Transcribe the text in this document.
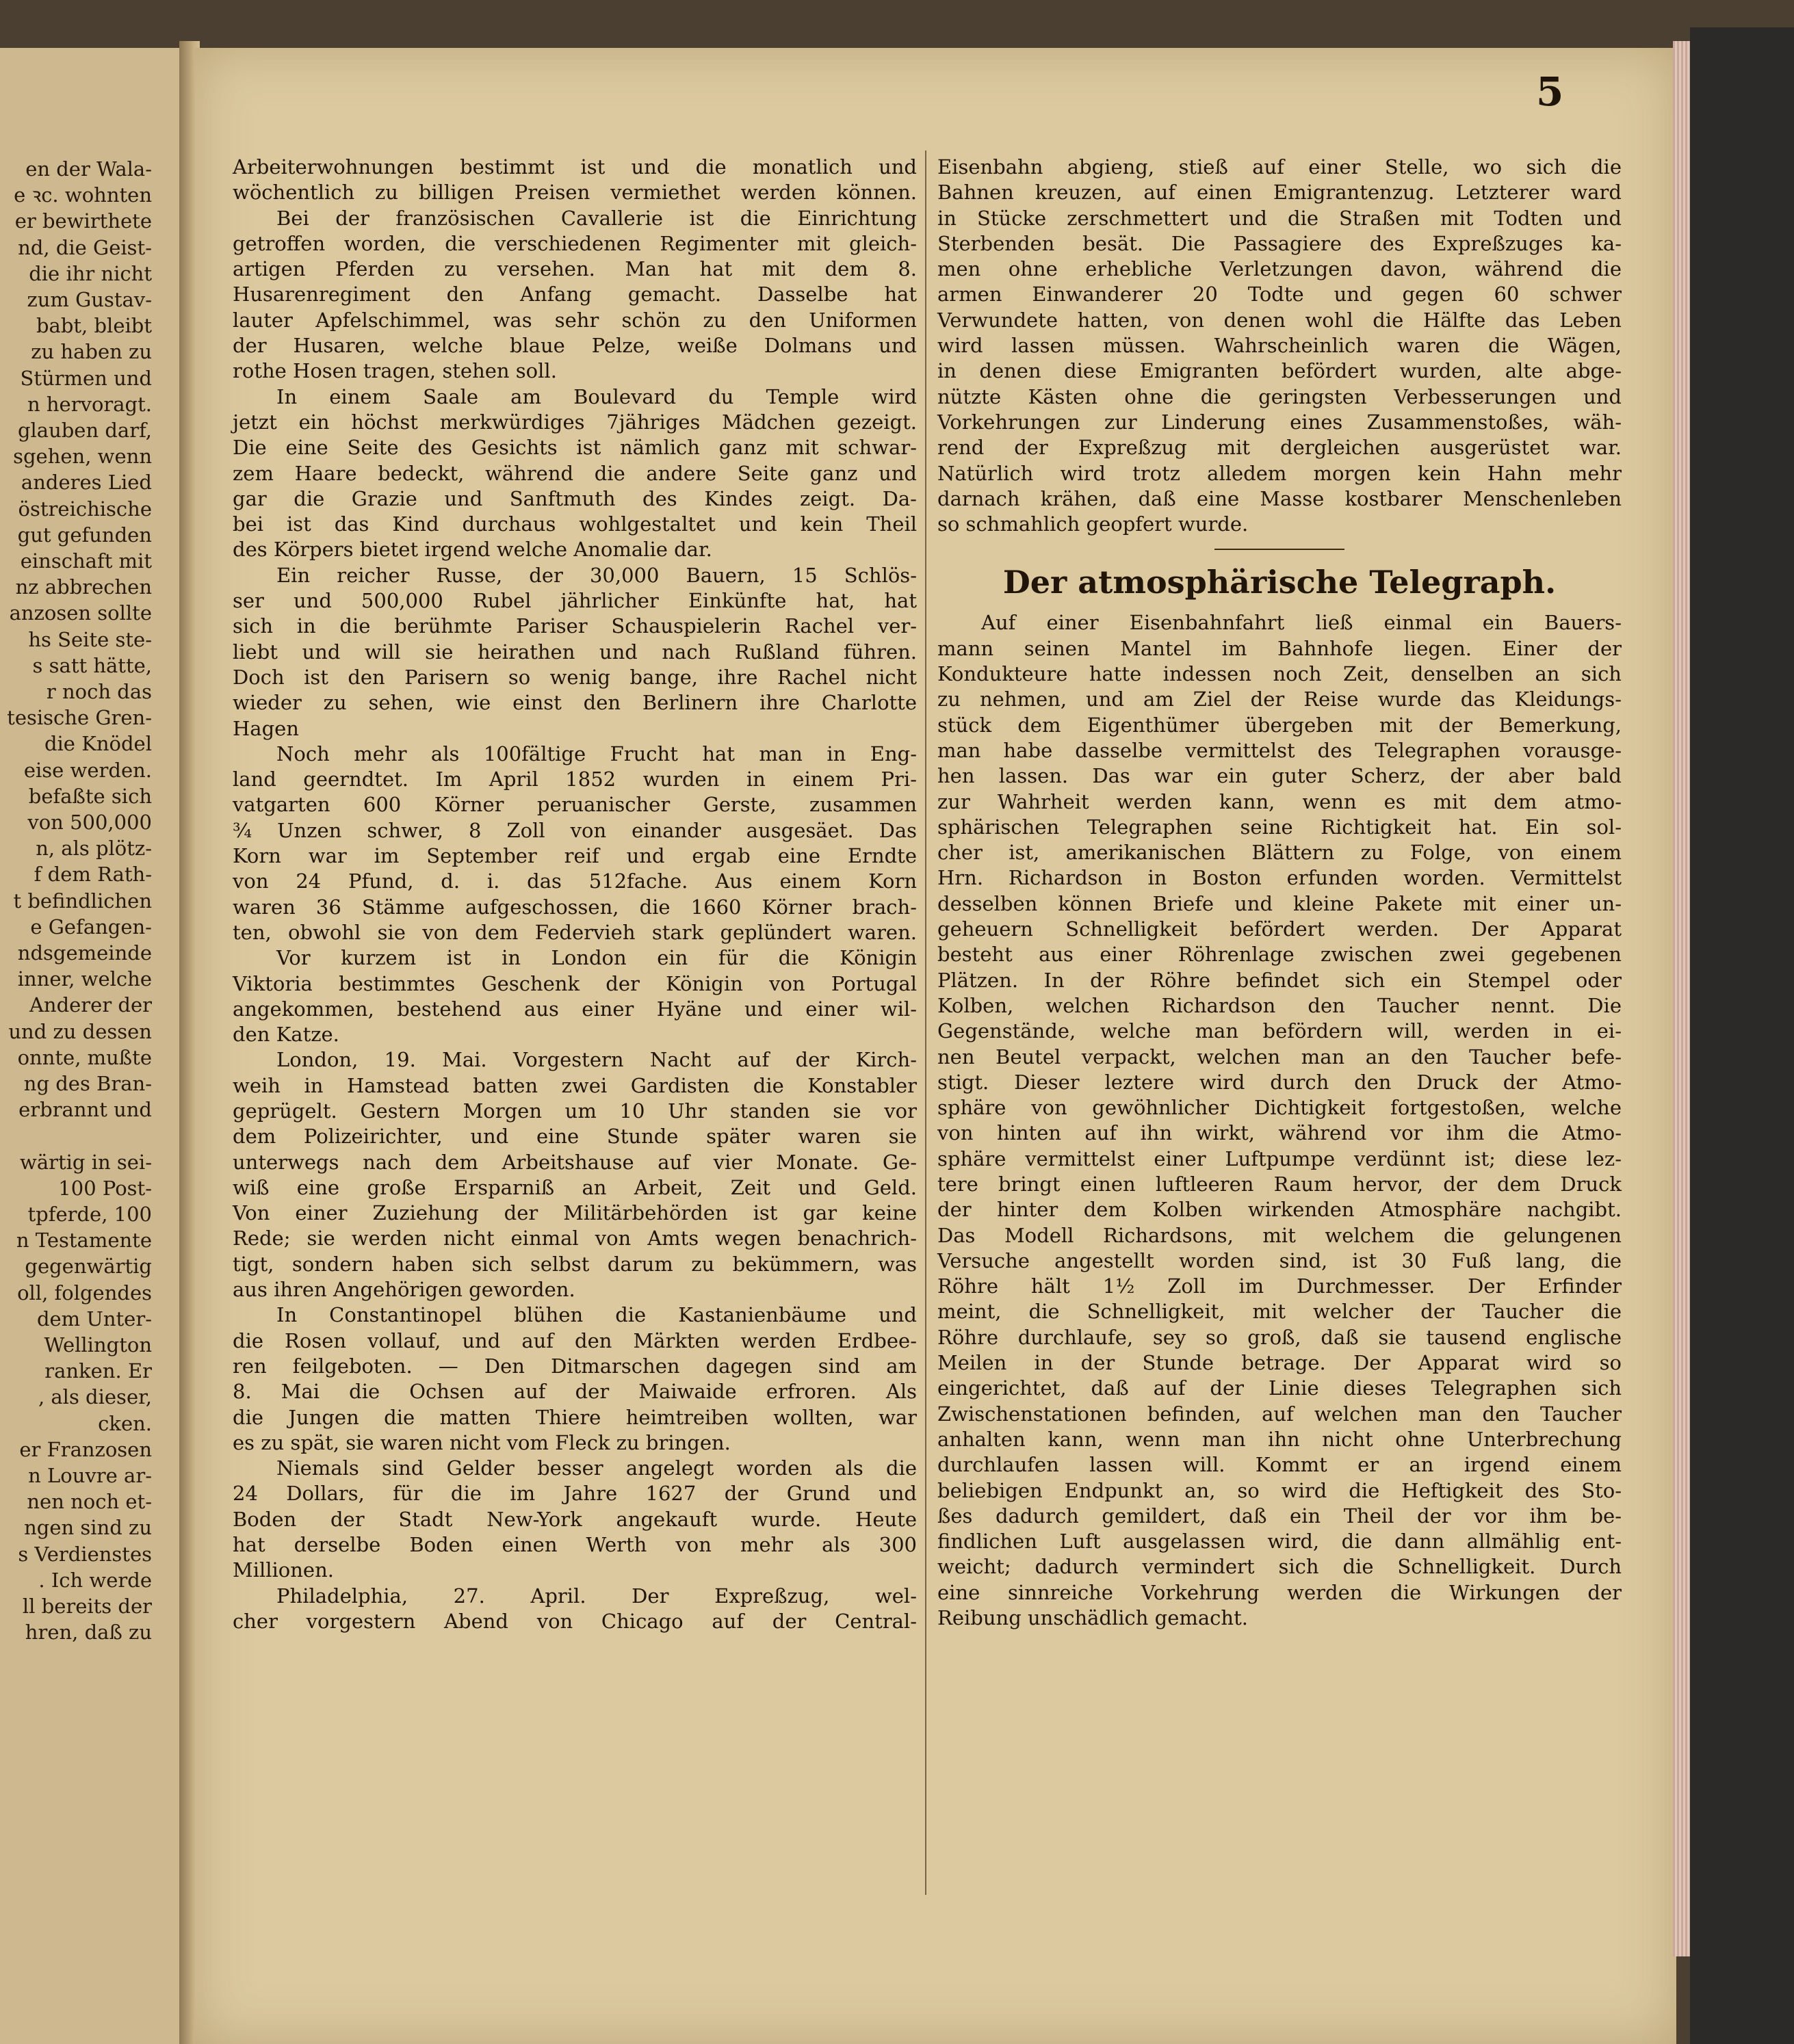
en der Wala-
e ꝛc. wohnten
er bewirthete
nd, die Geist-
die ihr nicht
zum Gustav-
babt, bleibt
zu haben zu
Stürmen und
n hervoragt.
glauben darf,
sgehen, wenn
anderes Lied
östreichische
gut gefunden
einschaft mit
nz abbrechen
anzosen sollte
hs Seite ste-
s satt hätte,
r noch das
tesische Gren-
die Knödel
eise werden.
befaßte sich
von 500,000
n, als plötz-
f dem Rath-
t befindlichen
e Gefangen-
ndsgemeinde
inner, welche
Anderer der
und zu dessen
onnte, mußte
ng des Bran-
erbrannt und
wärtig in sei-
100 Post-
tpferde, 100
n Testamente
gegenwärtig
oll, folgendes
dem Unter-
Wellington
ranken. Er
, als dieser,
cken.
er Franzosen
n Louvre ar-
nen noch et-
ngen sind zu
s Verdienstes
. Ich werde
ll bereits der
hren, daß zu
5
Arbeiterwohnungen bestimmt ist und die monatlich und
wöchentlich zu billigen Preisen vermiethet werden können.
Bei der französischen Cavallerie ist die Einrichtung
getroffen worden, die verschiedenen Regimenter mit gleich-
artigen Pferden zu versehen. Man hat mit dem 8.
Husarenregiment den Anfang gemacht. Dasselbe hat
lauter Apfelschimmel, was sehr schön zu den Uniformen
der Husaren, welche blaue Pelze, weiße Dolmans und
rothe Hosen tragen, stehen soll.
In einem Saale am Boulevard du Temple wird
jetzt ein höchst merkwürdiges 7jähriges Mädchen gezeigt.
Die eine Seite des Gesichts ist nämlich ganz mit schwar-
zem Haare bedeckt, während die andere Seite ganz und
gar die Grazie und Sanftmuth des Kindes zeigt. Da-
bei ist das Kind durchaus wohlgestaltet und kein Theil
des Körpers bietet irgend welche Anomalie dar.
Ein reicher Russe, der 30,000 Bauern, 15 Schlös-
ser und 500,000 Rubel jährlicher Einkünfte hat, hat
sich in die berühmte Pariser Schauspielerin Rachel ver-
liebt und will sie heirathen und nach Rußland führen.
Doch ist den Parisern so wenig bange, ihre Rachel nicht
wieder zu sehen, wie einst den Berlinern ihre Charlotte
Hagen
Noch mehr als 100fältige Frucht hat man in Eng-
land geerndtet. Im April 1852 wurden in einem Pri-
vatgarten 600 Körner peruanischer Gerste, zusammen
¾ Unzen schwer, 8 Zoll von einander ausgesäet. Das
Korn war im September reif und ergab eine Erndte
von 24 Pfund, d. i. das 512fache. Aus einem Korn
waren 36 Stämme aufgeschossen, die 1660 Körner brach-
ten, obwohl sie von dem Federvieh stark geplündert waren.
Vor kurzem ist in London ein für die Königin
Viktoria bestimmtes Geschenk der Königin von Portugal
angekommen, bestehend aus einer Hyäne und einer wil-
den Katze.
London, 19. Mai. Vorgestern Nacht auf der Kirch-
weih in Hamstead batten zwei Gardisten die Konstabler
geprügelt. Gestern Morgen um 10 Uhr standen sie vor
dem Polizeirichter, und eine Stunde später waren sie
unterwegs nach dem Arbeitshause auf vier Monate. Ge-
wiß eine große Ersparniß an Arbeit, Zeit und Geld.
Von einer Zuziehung der Militärbehörden ist gar keine
Rede; sie werden nicht einmal von Amts wegen benachrich-
tigt, sondern haben sich selbst darum zu bekümmern, was
aus ihren Angehörigen geworden.
In Constantinopel blühen die Kastanienbäume und
die Rosen vollauf, und auf den Märkten werden Erdbee-
ren feilgeboten. — Den Ditmarschen dagegen sind am
8. Mai die Ochsen auf der Maiwaide erfroren. Als
die Jungen die matten Thiere heimtreiben wollten, war
es zu spät, sie waren nicht vom Fleck zu bringen.
Niemals sind Gelder besser angelegt worden als die
24 Dollars, für die im Jahre 1627 der Grund und
Boden der Stadt New-York angekauft wurde. Heute
hat derselbe Boden einen Werth von mehr als 300
Millionen.
Philadelphia, 27. April. Der Expreßzug, wel-
cher vorgestern Abend von Chicago auf der Central-
Eisenbahn abgieng, stieß auf einer Stelle, wo sich die
Bahnen kreuzen, auf einen Emigrantenzug. Letzterer ward
in Stücke zerschmettert und die Straßen mit Todten und
Sterbenden besät. Die Passagiere des Expreßzuges ka-
men ohne erhebliche Verletzungen davon, während die
armen Einwanderer 20 Todte und gegen 60 schwer
Verwundete hatten, von denen wohl die Hälfte das Leben
wird lassen müssen. Wahrscheinlich waren die Wägen,
in denen diese Emigranten befördert wurden, alte abge-
nützte Kästen ohne die geringsten Verbesserungen und
Vorkehrungen zur Linderung eines Zusammenstoßes, wäh-
rend der Expreßzug mit dergleichen ausgerüstet war.
Natürlich wird trotz alledem morgen kein Hahn mehr
darnach krähen, daß eine Masse kostbarer Menschenleben
so schmahlich geopfert wurde.
Der atmosphärische Telegraph.
Auf einer Eisenbahnfahrt ließ einmal ein Bauers-
mann seinen Mantel im Bahnhofe liegen. Einer der
Kondukteure hatte indessen noch Zeit, denselben an sich
zu nehmen, und am Ziel der Reise wurde das Kleidungs-
stück dem Eigenthümer übergeben mit der Bemerkung,
man habe dasselbe vermittelst des Telegraphen vorausge-
hen lassen. Das war ein guter Scherz, der aber bald
zur Wahrheit werden kann, wenn es mit dem atmo-
sphärischen Telegraphen seine Richtigkeit hat. Ein sol-
cher ist, amerikanischen Blättern zu Folge, von einem
Hrn. Richardson in Boston erfunden worden. Vermittelst
desselben können Briefe und kleine Pakete mit einer un-
geheuern Schnelligkeit befördert werden. Der Apparat
besteht aus einer Röhrenlage zwischen zwei gegebenen
Plätzen. In der Röhre befindet sich ein Stempel oder
Kolben, welchen Richardson den Taucher nennt. Die
Gegenstände, welche man befördern will, werden in ei-
nen Beutel verpackt, welchen man an den Taucher befe-
stigt. Dieser leztere wird durch den Druck der Atmo-
sphäre von gewöhnlicher Dichtigkeit fortgestoßen, welche
von hinten auf ihn wirkt, während vor ihm die Atmo-
sphäre vermittelst einer Luftpumpe verdünnt ist; diese lez-
tere bringt einen luftleeren Raum hervor, der dem Druck
der hinter dem Kolben wirkenden Atmosphäre nachgibt.
Das Modell Richardsons, mit welchem die gelungenen
Versuche angestellt worden sind, ist 30 Fuß lang, die
Röhre hält 1½ Zoll im Durchmesser. Der Erfinder
meint, die Schnelligkeit, mit welcher der Taucher die
Röhre durchlaufe, sey so groß, daß sie tausend englische
Meilen in der Stunde betrage. Der Apparat wird so
eingerichtet, daß auf der Linie dieses Telegraphen sich
Zwischenstationen befinden, auf welchen man den Taucher
anhalten kann, wenn man ihn nicht ohne Unterbrechung
durchlaufen lassen will. Kommt er an irgend einem
beliebigen Endpunkt an, so wird die Heftigkeit des Sto-
ßes dadurch gemildert, daß ein Theil der vor ihm be-
findlichen Luft ausgelassen wird, die dann allmählig ent-
weicht; dadurch vermindert sich die Schnelligkeit. Durch
eine sinnreiche Vorkehrung werden die Wirkungen der
Reibung unschädlich gemacht.
